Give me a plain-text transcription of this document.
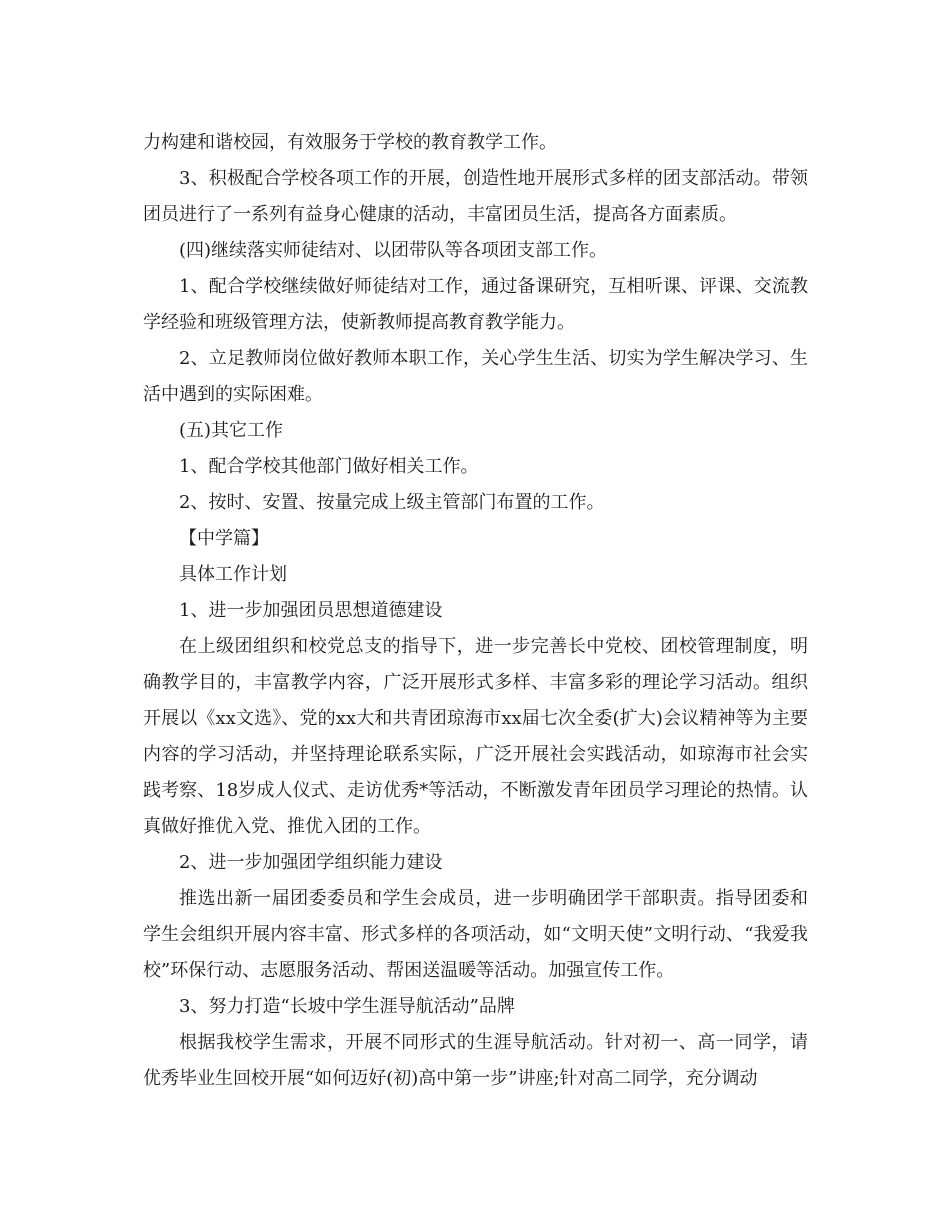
力构建和谐校园，有效服务于学校的教育教学工作。

3、积极配合学校各项工作的开展，创造性地开展形式多样的团支部活动。带领团员进行了一系列有益身心健康的活动，丰富团员生活，提高各方面素质。

(四)继续落实师徒结对、以团带队等各项团支部工作。

1、配合学校继续做好师徒结对工作，通过备课研究，互相听课、评课、交流教学经验和班级管理方法，使新教师提高教育教学能力。

2、立足教师岗位做好教师本职工作，关心学生生活、切实为学生解决学习、生活中遇到的实际困难。

(五)其它工作

1、配合学校其他部门做好相关工作。

2、按时、安置、按量完成上级主管部门布置的工作。

【中学篇】

具体工作计划

1、进一步加强团员思想道德建设

在上级团组织和校党总支的指导下，进一步完善长中党校、团校管理制度，明确教学目的，丰富教学内容，广泛开展形式多样、丰富多彩的理论学习活动。组织开展以《xx文选》、党的xx大和共青团琼海市xx届七次全委(扩大)会议精神等为主要内容的学习活动，并坚持理论联系实际，广泛开展社会实践活动，如琼海市社会实践考察、18岁成人仪式、走访优秀*等活动，不断激发青年团员学习理论的热情。认真做好推优入党、推优入团的工作。

2、进一步加强团学组织能力建设

推选出新一届团委委员和学生会成员，进一步明确团学干部职责。指导团委和学生会组织开展内容丰富、形式多样的各项活动，如“文明天使”文明行动、“我爱我校”环保行动、志愿服务活动、帮困送温暖等活动。加强宣传工作。

3、努力打造“长坡中学生涯导航活动”品牌

根据我校学生需求，开展不同形式的生涯导航活动。针对初一、高一同学，请优秀毕业生回校开展“如何迈好(初)高中第一步”讲座;针对高二同学，充分调动
